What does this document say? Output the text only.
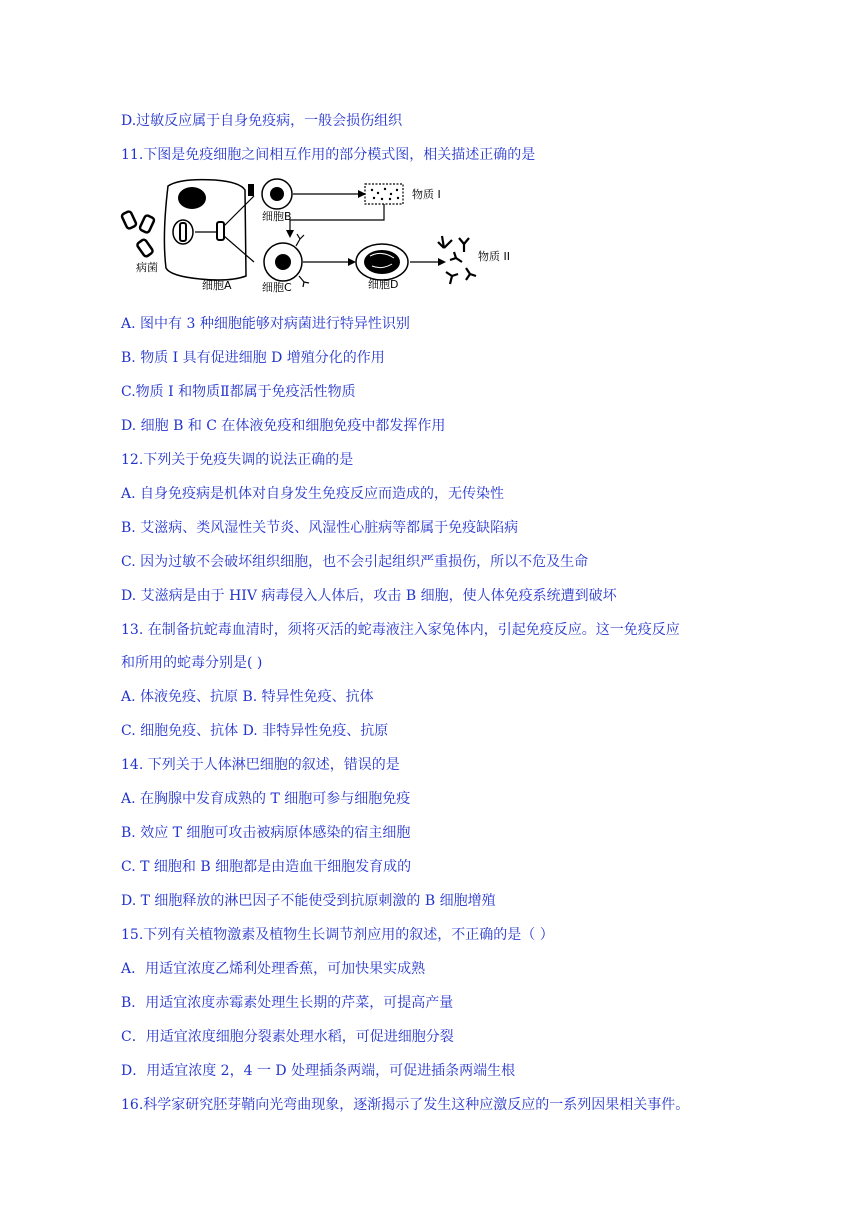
D.过敏反应属于自身免疫病，一般会损伤组织
11.下图是免疫细胞之间相互作用的部分模式图，相关描述正确的是
病菌
细胞A
细胞B
物质 I
细胞C	细胞D
物质 II
A. 图中有 3 种细胞能够对病菌进行特异性识别
B. 物质 I 具有促进细胞 D 增殖分化的作用
C.物质 I 和物质Ⅱ都属于免疫活性物质
D. 细胞 B 和 C 在体液免疫和细胞免疫中都发挥作用
12.下列关于免疫失调的说法正确的是
A. 自身免疫病是机体对自身发生免疫反应而造成的，无传染性
B. 艾滋病、类风湿性关节炎、风湿性心脏病等都属于免疫缺陷病
C. 因为过敏不会破坏组织细胞，也不会引起组织严重损伤，所以不危及生命
D. 艾滋病是由于 HIV 病毒侵入人体后，攻击 B 细胞，使人体免疫系统遭到破坏
13. 在制备抗蛇毒血清时，须将灭活的蛇毒液注入家兔体内，引起免疫反应。这一免疫反应
和所用的蛇毒分别是( )
A. 体液免疫、抗原 B. 特异性免疫、抗体
C. 细胞免疫、抗体 D. 非特异性免疫、抗原
14. 下列关于人体淋巴细胞的叙述，错误的是
A. 在胸腺中发育成熟的 T 细胞可参与细胞免疫
B. 效应 T 细胞可攻击被病原体感染的宿主细胞
C. T 细胞和 B 细胞都是由造血干细胞发育成的
D. T 细胞释放的淋巴因子不能使受到抗原刺激的 B 细胞增殖
15.下列有关植物激素及植物生长调节剂应用的叙述，不正确的是（ ）
A．用适宜浓度乙烯利处理香蕉，可加快果实成熟
B．用适宜浓度赤霉素处理生长期的芹菜，可提高产量
C．用适宜浓度细胞分裂素处理水稻，可促进细胞分裂
D．用适宜浓度 2，4 一 D 处理插条两端，可促进插条两端生根
16.科学家研究胚芽鞘向光弯曲现象，逐渐揭示了发生这种应激反应的一系列因果相关事件。
